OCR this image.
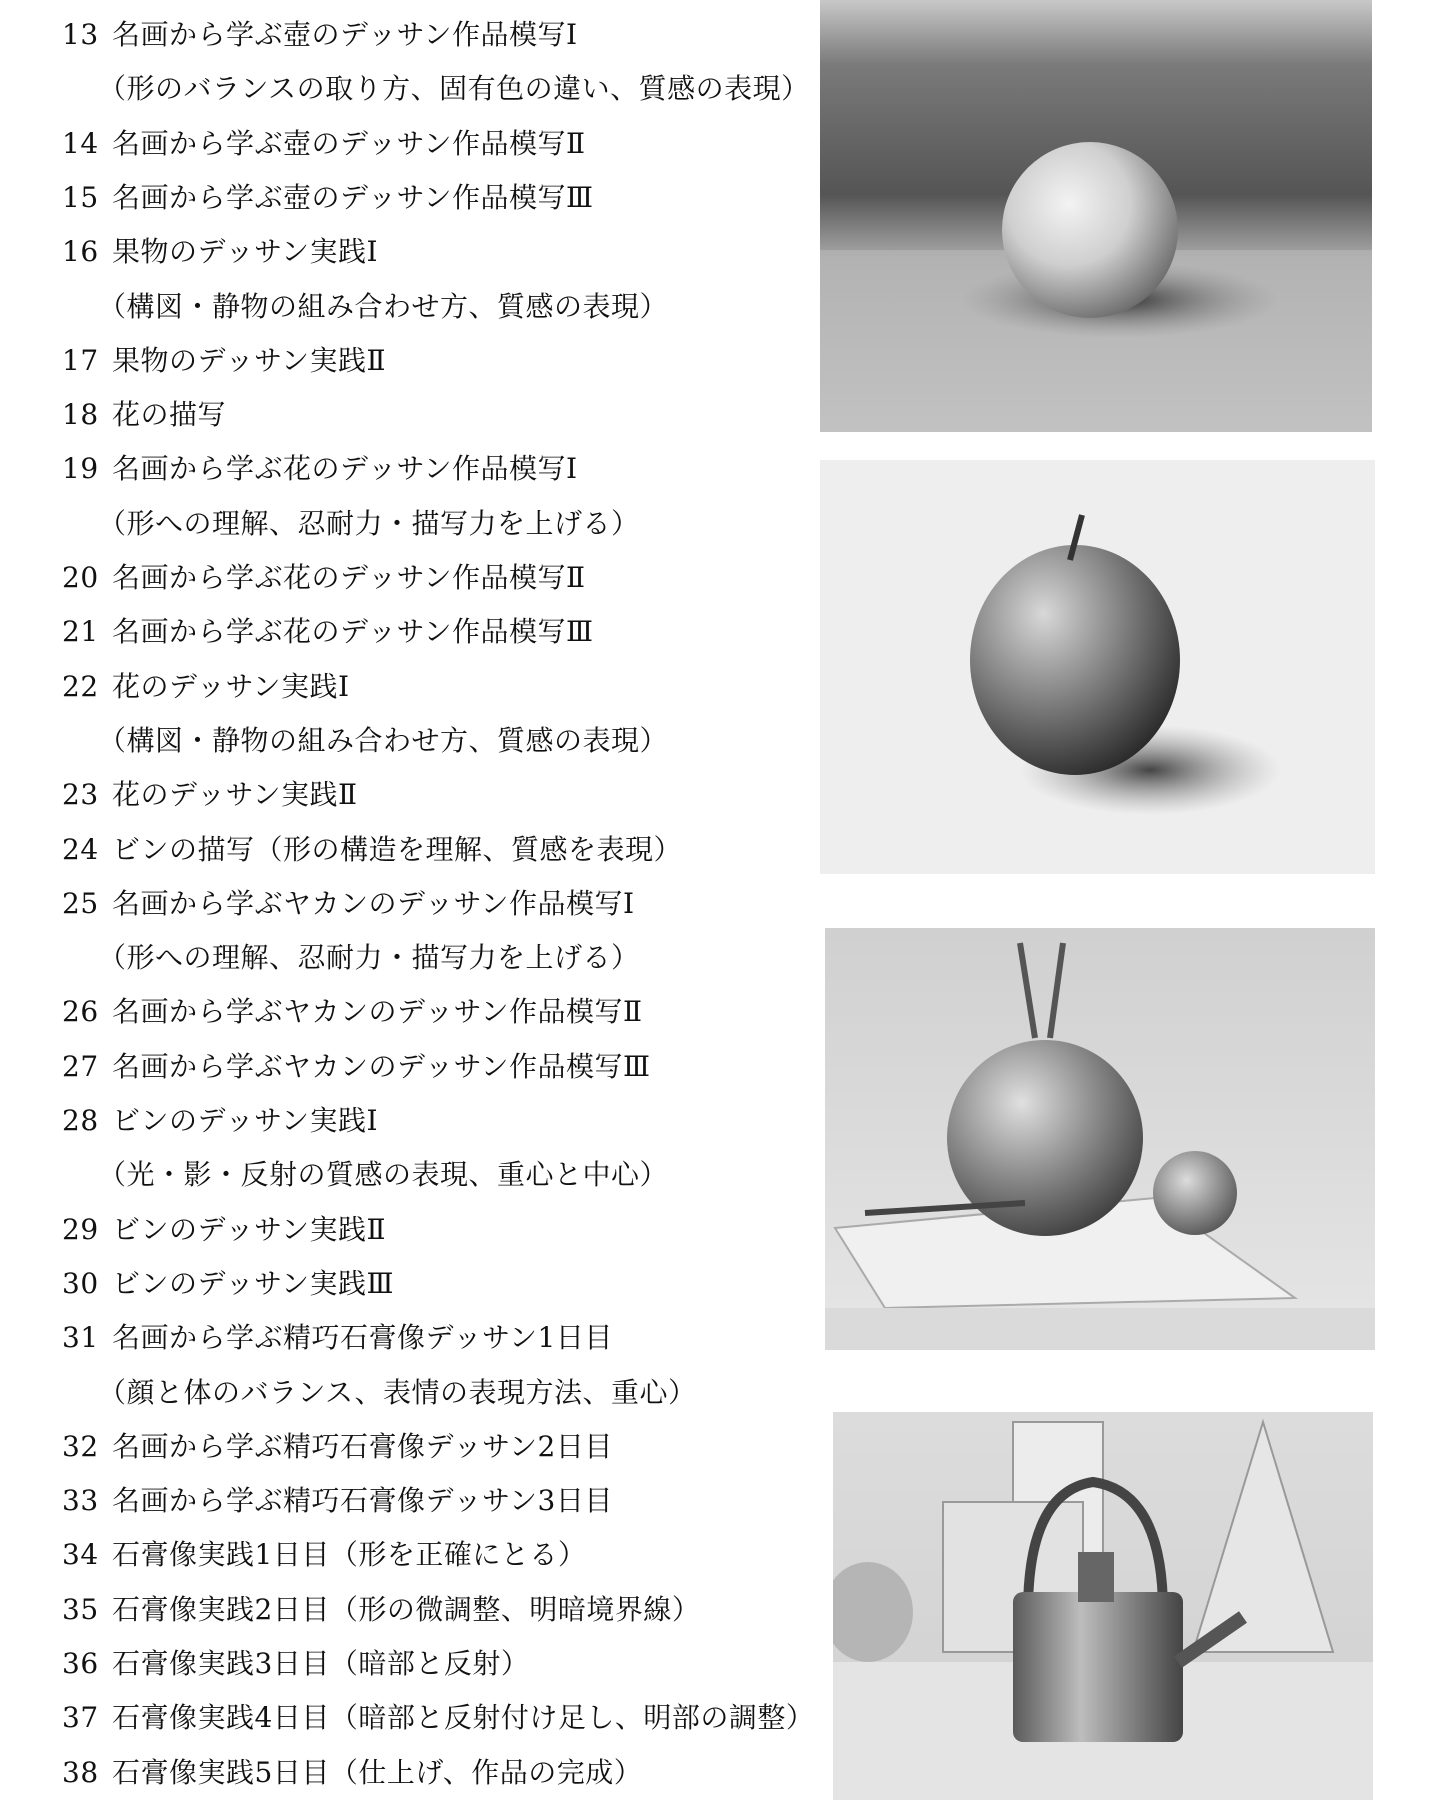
13 名画から学ぶ壺のデッサン作品模写Ⅰ
（形のバランスの取り方、固有色の違い、質感の表現）
14 名画から学ぶ壺のデッサン作品模写Ⅱ
15 名画から学ぶ壺のデッサン作品模写Ⅲ
16 果物のデッサン実践Ⅰ
（構図・静物の組み合わせ方、質感の表現）
17 果物のデッサン実践Ⅱ
18 花の描写
19 名画から学ぶ花のデッサン作品模写Ⅰ
（形への理解、忍耐力・描写力を上げる）
20 名画から学ぶ花のデッサン作品模写Ⅱ
21 名画から学ぶ花のデッサン作品模写Ⅲ
22 花のデッサン実践Ⅰ
（構図・静物の組み合わせ方、質感の表現）
23 花のデッサン実践Ⅱ
24 ビンの描写（形の構造を理解、質感を表現）
25 名画から学ぶヤカンのデッサン作品模写Ⅰ
（形への理解、忍耐力・描写力を上げる）
26 名画から学ぶヤカンのデッサン作品模写Ⅱ
27 名画から学ぶヤカンのデッサン作品模写Ⅲ
28 ビンのデッサン実践Ⅰ
（光・影・反射の質感の表現、重心と中心）
29 ビンのデッサン実践Ⅱ
30 ビンのデッサン実践Ⅲ
31 名画から学ぶ精巧石膏像デッサン1日目
（顔と体のバランス、表情の表現方法、重心）
32 名画から学ぶ精巧石膏像デッサン2日目
33 名画から学ぶ精巧石膏像デッサン3日目
34 石膏像実践1日目（形を正確にとる）
35 石膏像実践2日目（形の微調整、明暗境界線）
36 石膏像実践3日目（暗部と反射）
37 石膏像実践4日目（暗部と反射付け足し、明部の調整）
38 石膏像実践5日目（仕上げ、作品の完成）
